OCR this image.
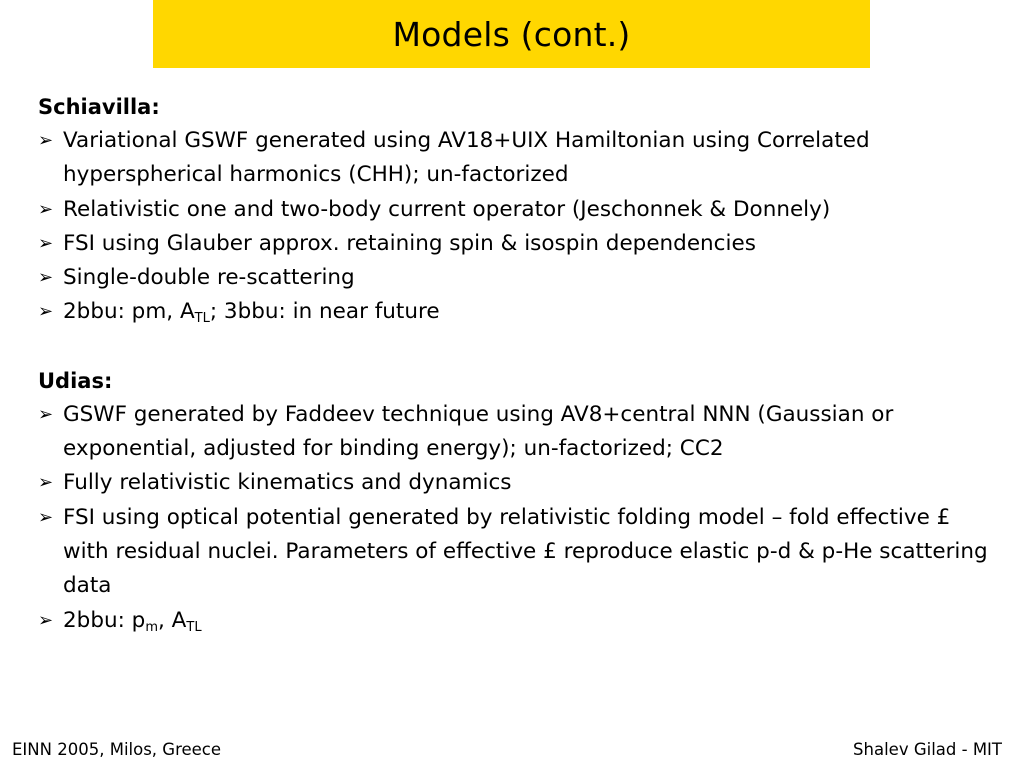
Models (cont.)
Schiavilla:
➢ Variational GSWF generated using AV18+UIX Hamiltonian using Correlated hyperspherical harmonics (CHH); un-factorized
➢ Relativistic one and two-body current operator (Jeschonnek & Donnely)
➢ FSI using Glauber approx. retaining spin & isospin dependencies
➢ Single-double re-scattering
➢ 2bbu: pm, $A_{TL}$; 3bbu: in near future
Udias:
➢ GSWF generated by Faddeev technique using AV8+central NNN (Gaussian or exponential, adjusted for binding energy); un-factorized; CC2
➢ Fully relativistic kinematics and dynamics
➢ FSI using optical potential generated by relativistic folding model – fold effective £ with residual nuclei. Parameters of effective £ reproduce elastic p-d & p-He scattering data
➢ 2bbu: $p_m$, $A_{TL}$
EINN 2005, Milos, Greece	Shalev Gilad - MIT
